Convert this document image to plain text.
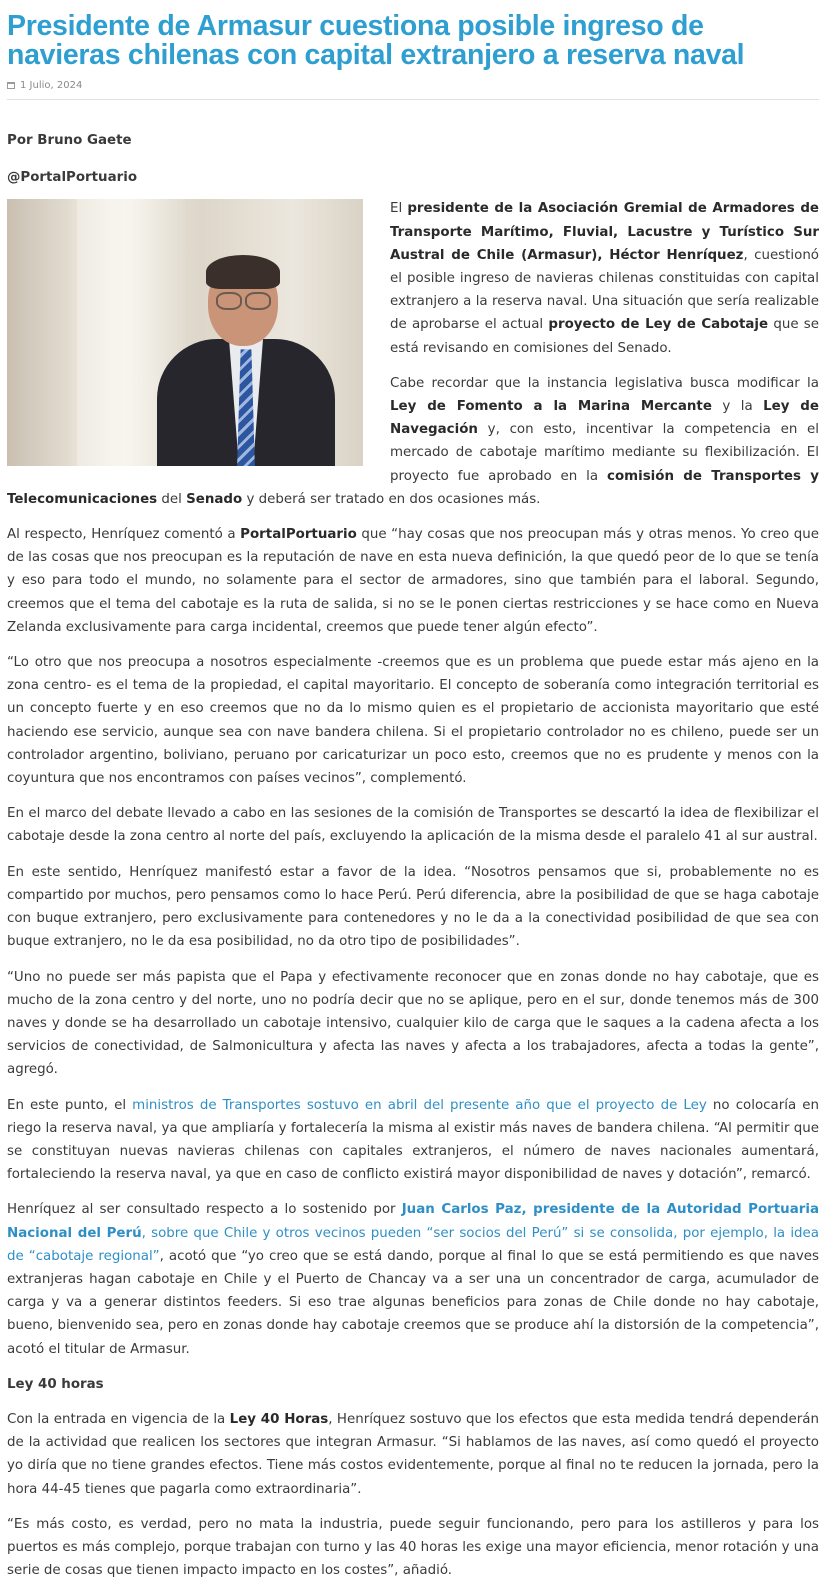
Presidente de Armasur cuestiona posible ingreso de navieras chilenas con capital extranjero a reserva naval
1 Julio, 2024

Por Bruno Gaete

@PortalPortuario

El presidente de la Asociación Gremial de Armadores de Transporte Marítimo, Fluvial, Lacustre y Turístico Sur Austral de Chile (Armasur), Héctor Henríquez, cuestionó el posible ingreso de navieras chilenas constituidas con capital extranjero a la reserva naval. Una situación que sería realizable de aprobarse el actual proyecto de Ley de Cabotaje que se está revisando en comisiones del Senado.

Cabe recordar que la instancia legislativa busca modificar la Ley de Fomento a la Marina Mercante y la Ley de Navegación y, con esto, incentivar la competencia en el mercado de cabotaje marítimo mediante su flexibilización. El proyecto fue aprobado en la comisión de Transportes y Telecomunicaciones del Senado y deberá ser tratado en dos ocasiones más.

Al respecto, Henríquez comentó a PortalPortuario que “hay cosas que nos preocupan más y otras menos. Yo creo que de las cosas que nos preocupan es la reputación de nave en esta nueva definición, la que quedó peor de lo que se tenía y eso para todo el mundo, no solamente para el sector de armadores, sino que también para el laboral. Segundo, creemos que el tema del cabotaje es la ruta de salida, si no se le ponen ciertas restricciones y se hace como en Nueva Zelanda exclusivamente para carga incidental, creemos que puede tener algún efecto”.

“Lo otro que nos preocupa a nosotros especialmente -creemos que es un problema que puede estar más ajeno en la zona centro- es el tema de la propiedad, el capital mayoritario. El concepto de soberanía como integración territorial es un concepto fuerte y en eso creemos que no da lo mismo quien es el propietario de accionista mayoritario que esté haciendo ese servicio, aunque sea con nave bandera chilena. Si el propietario controlador no es chileno, puede ser un controlador argentino, boliviano, peruano por caricaturizar un poco esto, creemos que no es prudente y menos con la coyuntura que nos encontramos con países vecinos”, complementó.

En el marco del debate llevado a cabo en las sesiones de la comisión de Transportes se descartó la idea de flexibilizar el cabotaje desde la zona centro al norte del país, excluyendo la aplicación de la misma desde el paralelo 41 al sur austral.

En este sentido, Henríquez manifestó estar a favor de la idea. “Nosotros pensamos que si, probablemente no es compartido por muchos, pero pensamos como lo hace Perú. Perú diferencia, abre la posibilidad de que se haga cabotaje con buque extranjero, pero exclusivamente para contenedores y no le da a la conectividad posibilidad de que sea con buque extranjero, no le da esa posibilidad, no da otro tipo de posibilidades”.

“Uno no puede ser más papista que el Papa y efectivamente reconocer que en zonas donde no hay cabotaje, que es mucho de la zona centro y del norte, uno no podría decir que no se aplique, pero en el sur, donde tenemos más de 300 naves y donde se ha desarrollado un cabotaje intensivo, cualquier kilo de carga que le saques a la cadena afecta a los servicios de conectividad, de Salmonicultura y afecta las naves y afecta a los trabajadores, afecta a todas la gente”, agregó.

En este punto, el ministros de Transportes sostuvo en abril del presente año que el proyecto de Ley no colocaría en riego la reserva naval, ya que ampliaría y fortalecería la misma al existir más naves de bandera chilena. “Al permitir que se constituyan nuevas navieras chilenas con capitales extranjeros, el número de naves nacionales aumentará, fortaleciendo la reserva naval, ya que en caso de conflicto existirá mayor disponibilidad de naves y dotación”, remarcó.

Henríquez al ser consultado respecto a lo sostenido por Juan Carlos Paz, presidente de la Autoridad Portuaria Nacional del Perú, sobre que Chile y otros vecinos pueden “ser socios del Perú” si se consolida, por ejemplo, la idea de “cabotaje regional”, acotó que “yo creo que se está dando, porque al final lo que se está permitiendo es que naves extranjeras hagan cabotaje en Chile y el Puerto de Chancay va a ser una un concentrador de carga, acumulador de carga y va a generar distintos feeders. Si eso trae algunas beneficios para zonas de Chile donde no hay cabotaje, bueno, bienvenido sea, pero en zonas donde hay cabotaje creemos que se produce ahí la distorsión de la competencia”, acotó el titular de Armasur.

Ley 40 horas

Con la entrada en vigencia de la Ley 40 Horas, Henríquez sostuvo que los efectos que esta medida tendrá dependerán de la actividad que realicen los sectores que integran Armasur. “Si hablamos de las naves, así como quedó el proyecto yo diría que no tiene grandes efectos. Tiene más costos evidentemente, porque al final no te reducen la jornada, pero la hora 44-45 tienes que pagarla como extraordinaria”.

“Es más costo, es verdad, pero no mata la industria, puede seguir funcionando, pero para los astilleros y para los puertos es más complejo, porque trabajan con turno y las 40 horas les exige una mayor eficiencia, menor rotación y una serie de cosas que tienen impacto impacto en los costes”, añadió.
